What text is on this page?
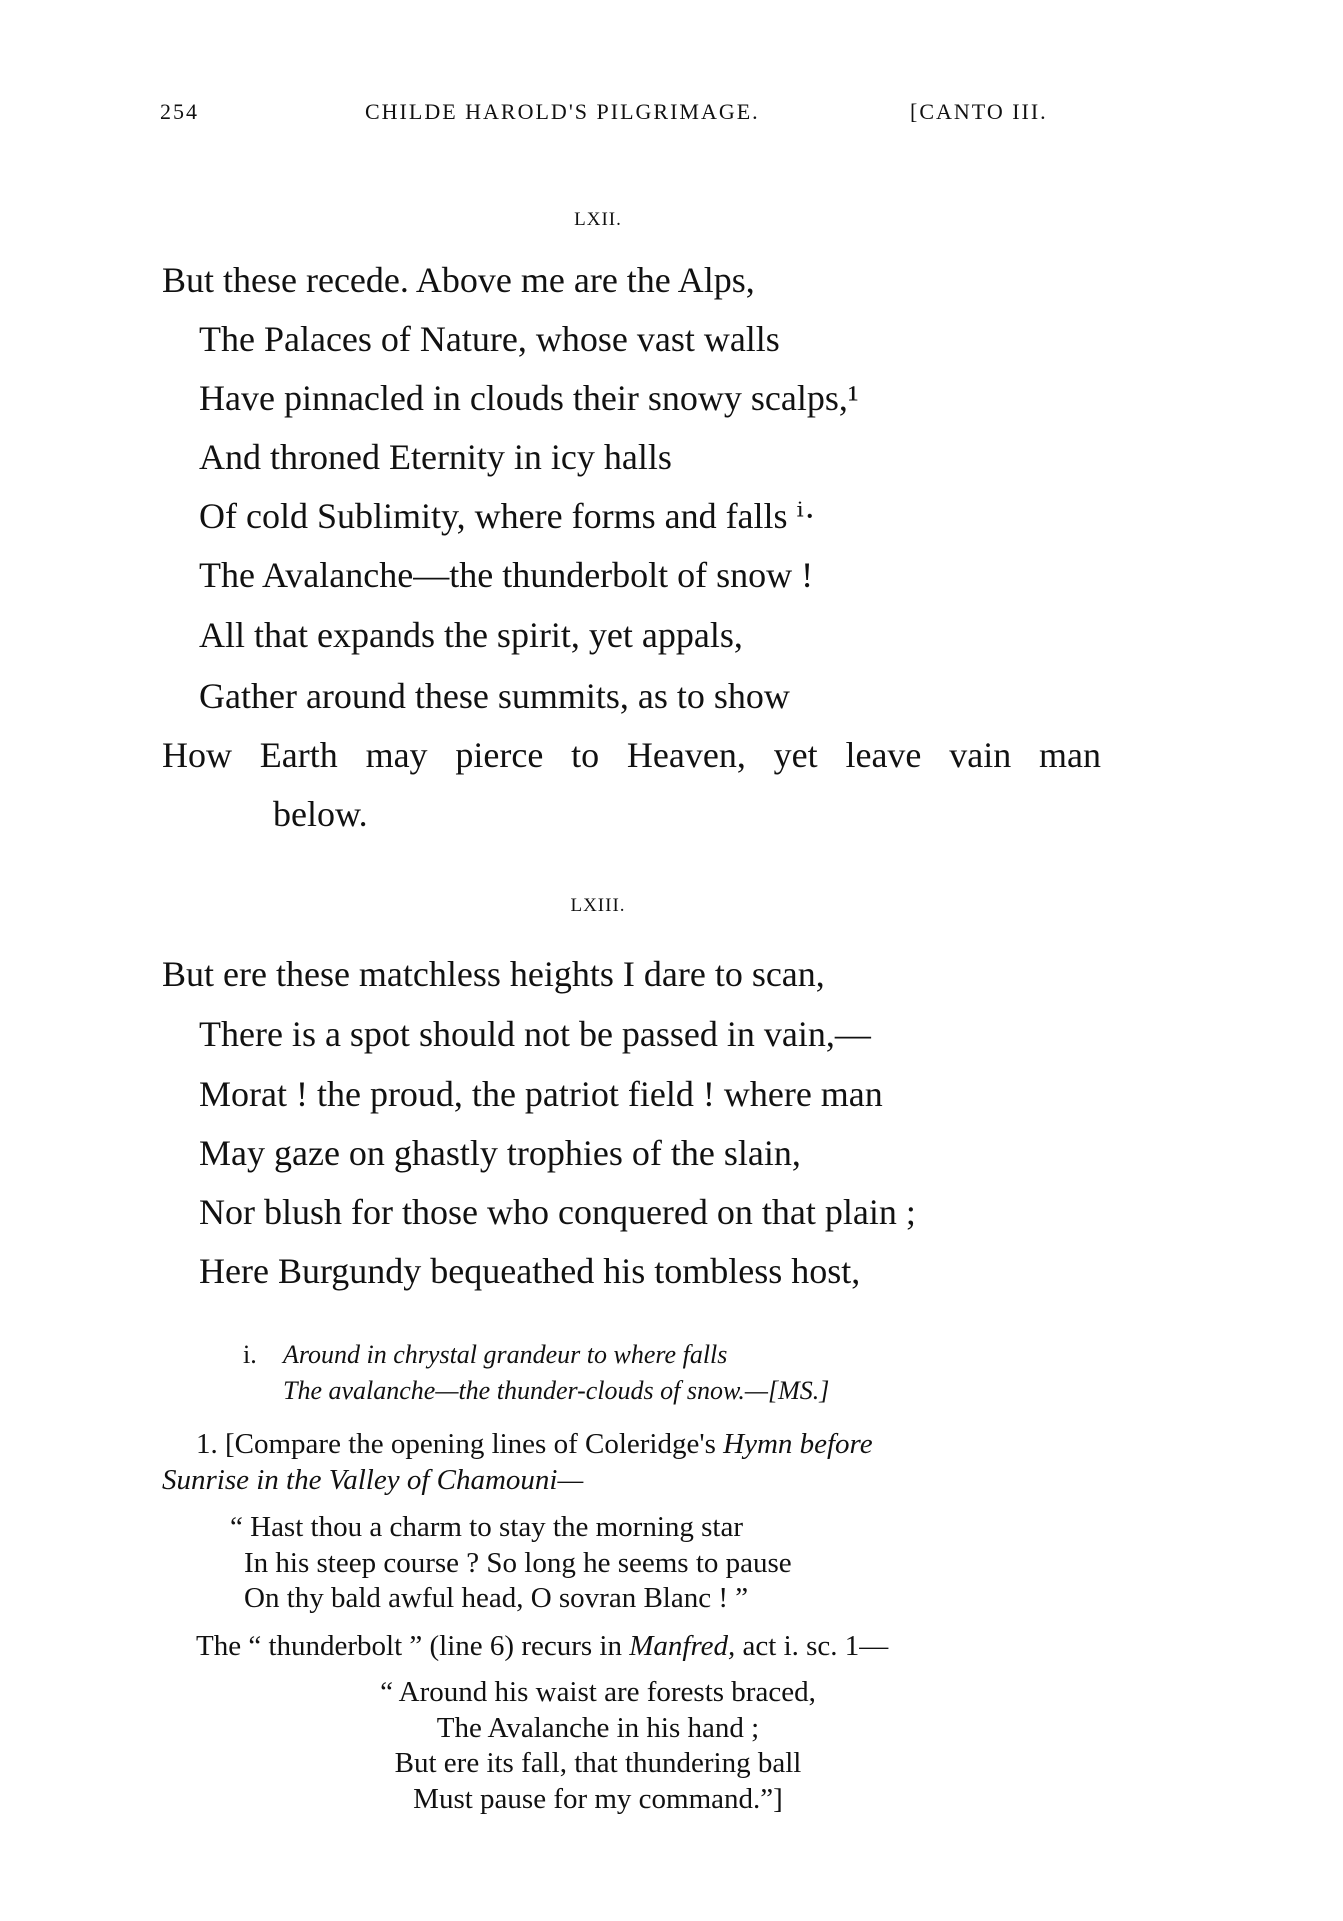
254	CHILDE HAROLD'S PILGRIMAGE.	[CANTO III.
LXII.
But these recede. Above me are the Alps,
The Palaces of Nature, whose vast walls
Have pinnacled in clouds their snowy scalps,¹
And throned Eternity in icy halls
Of cold Sublimity, where forms and falls ⁱ·
The Avalanche—the thunderbolt of snow !
All that expands the spirit, yet appals,
Gather around these summits, as to show
How Earth may pierce to Heaven, yet leave vain man
below.
LXIII.
But ere these matchless heights I dare to scan,
There is a spot should not be passed in vain,—
Morat ! the proud, the patriot field ! where man
May gaze on ghastly trophies of the slain,
Nor blush for those who conquered on that plain ;
Here Burgundy bequeathed his tombless host,
i. Around in chrystal grandeur to where falls
The avalanche—the thunder-clouds of snow.—[MS.]
1. [Compare the opening lines of Coleridge's Hymn before
Sunrise in the Valley of Chamouni—
“ Hast thou a charm to stay the morning star
In his steep course ? So long he seems to pause
On thy bald awful head, O sovran Blanc ! ”
The “ thunderbolt ” (line 6) recurs in Manfred, act i. sc. 1—
“ Around his waist are forests braced,
The Avalanche in his hand ;
But ere its fall, that thundering ball
Must pause for my command.”]
